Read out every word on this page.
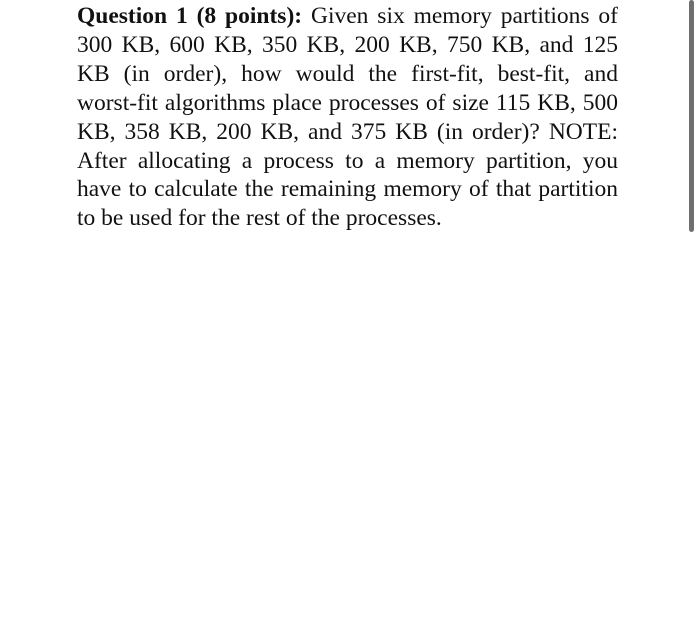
Question 1 (8 points): Given six memory partitions of 300 KB, 600 KB, 350 KB, 200 KB, 750 KB, and 125 KB (in order), how would the first-fit, best-fit, and worst-fit algorithms place processes of size 115 KB, 500 KB, 358 KB, 200 KB, and 375 KB (in order)? NOTE: After allocating a process to a memory partition, you have to calculate the remaining memory of that partition to be used for the rest of the processes.
